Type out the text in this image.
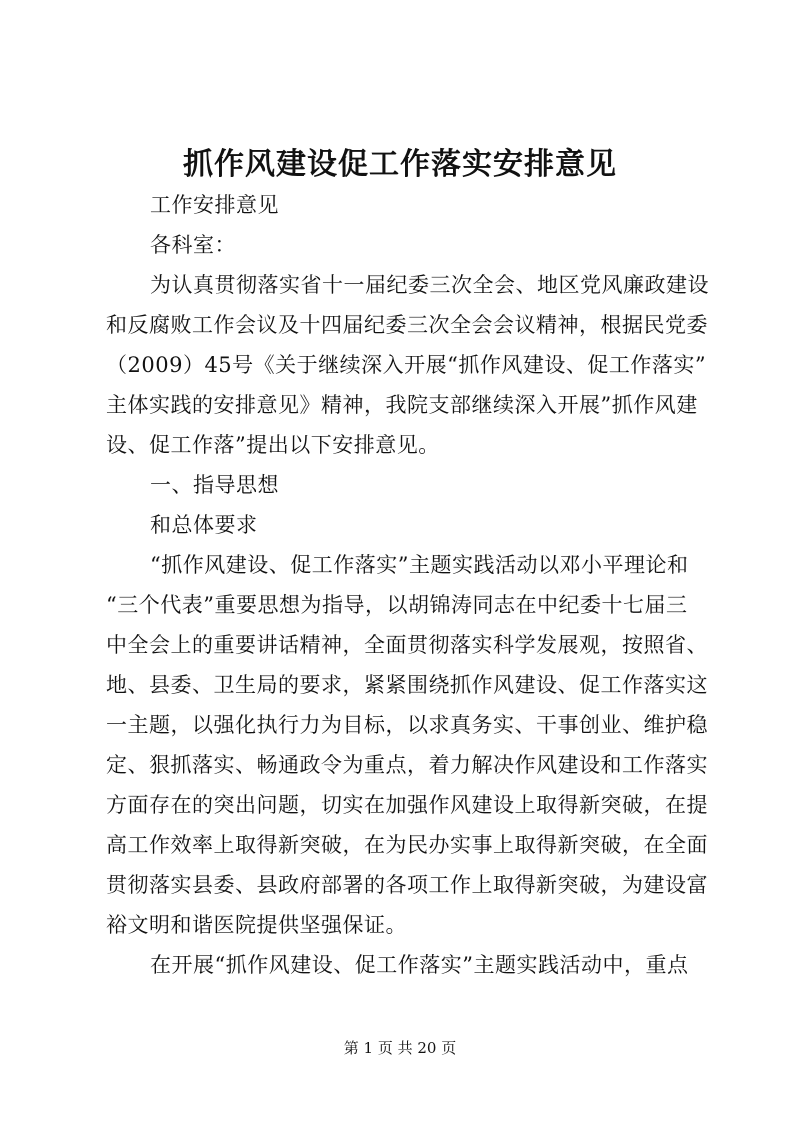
抓作风建设促工作落实安排意见
工作安排意见
各科室：
为认真贯彻落实省十一届纪委三次全会、地区党风廉政建设
和反腐败工作会议及十四届纪委三次全会会议精神，根据民党委
（2009）45号《关于继续深入开展“抓作风建设、促工作落实”
主体实践的安排意见》精神，我院支部继续深入开展”抓作风建
设、促工作落”提出以下安排意见。
一、指导思想
和总体要求
“抓作风建设、促工作落实”主题实践活动以邓小平理论和
“三个代表”重要思想为指导，以胡锦涛同志在中纪委十七届三
中全会上的重要讲话精神，全面贯彻落实科学发展观，按照省、
地、县委、卫生局的要求，紧紧围绕抓作风建设、促工作落实这
一主题，以强化执行力为目标，以求真务实、干事创业、维护稳
定、狠抓落实、畅通政令为重点，着力解决作风建设和工作落实
方面存在的突出问题，切实在加强作风建设上取得新突破，在提
高工作效率上取得新突破，在为民办实事上取得新突破，在全面
贯彻落实县委、县政府部署的各项工作上取得新突破，为建设富
裕文明和谐医院提供坚强保证。
在开展“抓作风建设、促工作落实”主题实践活动中，重点
第 1 页 共 20 页
